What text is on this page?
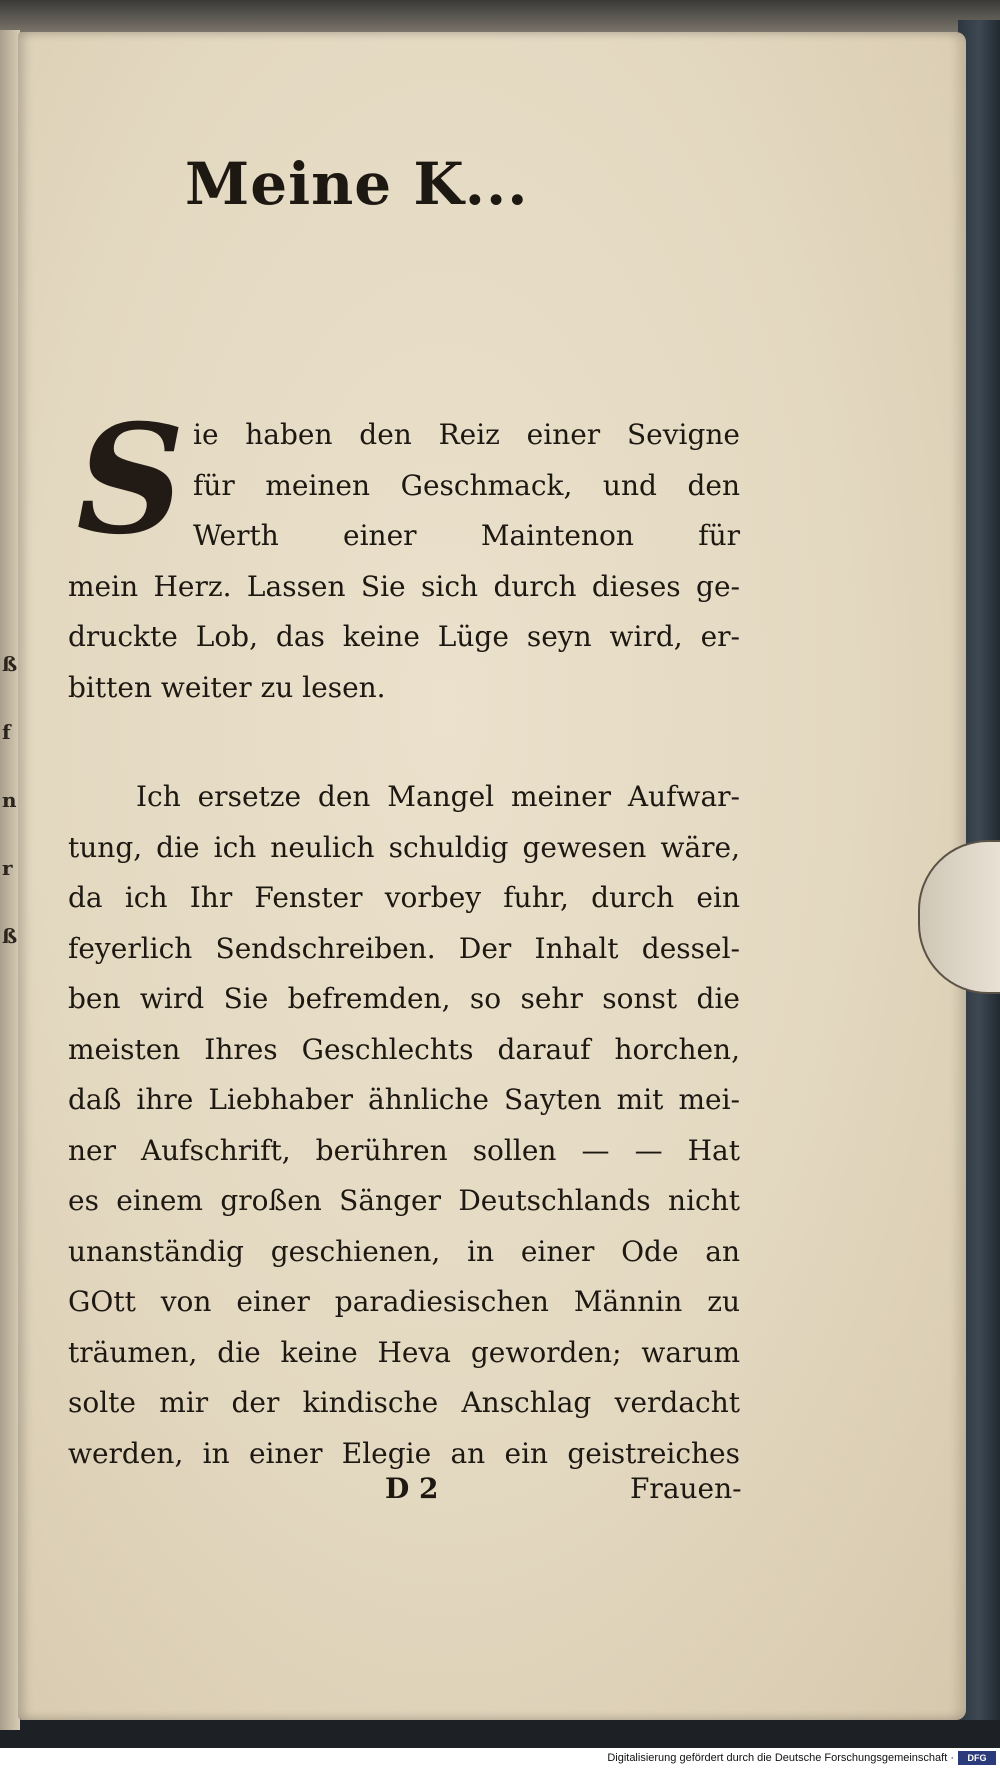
ß
f
n
r
ß
Meine K...
S ie haben den Reiz einer Sevigne
für meinen Geschmack, und den
Werth einer Maintenon für
mein Herz. Lassen Sie sich durch dieses ge-
druckte Lob, das keine Lüge seyn wird, er-
bitten weiter zu lesen.
Ich ersetze den Mangel meiner Aufwar-
tung, die ich neulich schuldig gewesen wäre,
da ich Ihr Fenster vorbey fuhr, durch ein
feyerlich Sendschreiben. Der Inhalt dessel-
ben wird Sie befremden, so sehr sonst die
meisten Ihres Geschlechts darauf horchen,
daß ihre Liebhaber ähnliche Sayten mit mei-
ner Aufschrift, berühren sollen — — Hat
es einem großen Sänger Deutschlands nicht
unanständig geschienen, in einer Ode an
GOtt von einer paradiesischen Männin zu
träumen, die keine Heva geworden; warum
solte mir der kindische Anschlag verdacht
werden, in einer Elegie an ein geistreiches
D 2	Frauen-
Digitalisierung gefördert durch die Deutsche Forschungsgemeinschaft ·	DFG
